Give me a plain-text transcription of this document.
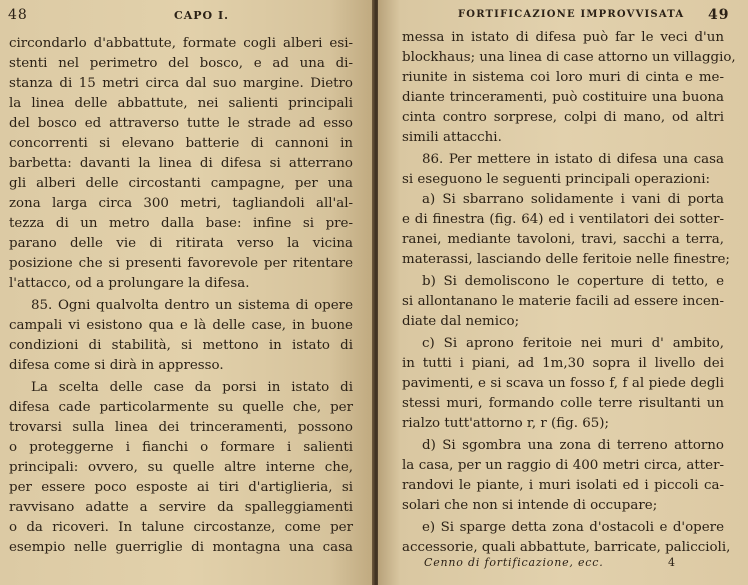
48	CAPO I.
circondarlo d'abbattute, formate cogli alberi esi-
stenti nel perimetro del bosco, e ad una di-
stanza di 15 metri circa dal suo margine. Dietro
la linea delle abbattute, nei salienti principali
del bosco ed attraverso tutte le strade ad esso
concorrenti si elevano batterie di cannoni in
barbetta: davanti la linea di difesa si atterrano
gli alberi delle circostanti campagne, per una
zona larga circa 300 metri, tagliandoli all'al-
tezza di un metro dalla base: infine si pre-
parano delle vie di ritirata verso la vicina
posizione che si presenti favorevole per ritentare
l'attacco, od a prolungare la difesa.
85. Ogni qualvolta dentro un sistema di opere
campali vi esistono qua e là delle case, in buone
condizioni di stabilità, si mettono in istato di
difesa come si dirà in appresso.
La scelta delle case da porsi in istato di
difesa cade particolarmente su quelle che, per
trovarsi sulla linea dei trinceramenti, possono
o proteggerne i fianchi o formare i salienti
principali: ovvero, su quelle altre interne che,
per essere poco esposte ai tiri d'artiglieria, si
ravvisano adatte a servire da spalleggiamenti
o da ricoveri. In talune circostanze, come per
esempio nelle guerriglie di montagna una casa
FORTIFICAZIONE IMPROVVISATA 49
messa in istato di difesa può far le veci d'un
blockhaus; una linea di case attorno un villaggio,
riunite in sistema coi loro muri di cinta e me-
diante trinceramenti, può costituire una buona
cinta contro sorprese, colpi di mano, od altri
simili attacchi.
86. Per mettere in istato di difesa una casa
si eseguono le seguenti principali operazioni:
a) Si sbarrano solidamente i vani di porta
e di finestra (fig. 64) ed i ventilatori dei sotter-
ranei, mediante tavoloni, travi, sacchi a terra,
materassi, lasciando delle feritoie nelle finestre;
b) Si demoliscono le coperture di tetto, e
si allontanano le materie facili ad essere incen-
diate dal nemico;
c) Si aprono feritoie nei muri d' ambito,
in tutti i piani, ad 1m,30 sopra il livello dei
pavimenti, e si scava un fosso f, f al piede degli
stessi muri, formando colle terre risultanti un
rialzo tutt'attorno r, r (fig. 65);
d) Si sgombra una zona di terreno attorno
la casa, per un raggio di 400 metri circa, atter-
randovi le piante, i muri isolati ed i piccoli ca-
solari che non si intende di occupare;
e) Si sparge detta zona d'ostacoli e d'opere
accessorie, quali abbattute, barricate, paliccioli,
Cenno di fortificazione, ecc.	4
